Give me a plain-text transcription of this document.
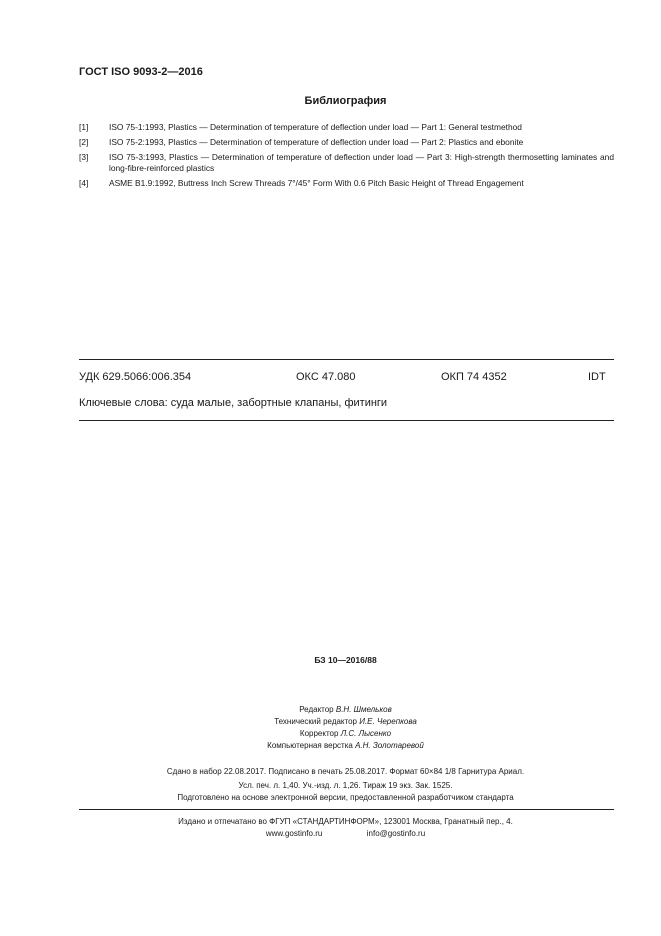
ГОСТ ISO 9093-2—2016
Библиография
[1] ISO 75-1:1993, Plastics — Determination of temperature of deflection under load — Part 1: General testmethod
[2] ISO 75-2:1993, Plastics — Determination of temperature of deflection under load — Part 2: Plastics and ebonite
[3] ISO 75-3:1993, Plastics — Determination of temperature of deflection under load — Part 3: High-strength thermosetting laminates and long-fibre-reinforced plastics
[4] ASME B1.9:1992, Buttress Inch Screw Threads 7°/45° Form With 0.6 Pitch Basic Height of Thread Engagement
УДК 629.5066:006.354	ОКС 47.080	ОКП 74 4352	IDT
Ключевые слова: суда малые, забортные клапаны, фитинги
БЗ 10—2016/88
Редактор В.Н. Шмельков
Технический редактор И.Е. Черепкова
Корректор Л.С. Лысенко
Компьютерная верстка А.Н. Золотаревой
Сдано в набор 22.08.2017. Подписано в печать 25.08.2017. Формат 60×84 1/8 Гарнитура Ариал.
Усл. печ. л. 1,40. Уч.-изд. л. 1,26. Тираж 19 экз. Зак. 1525.
Подготовлено на основе электронной версии, предоставленной разработчиком стандарта
Издано и отпечатано во ФГУП «СТАНДАРТИНФОРМ», 123001 Москва, Гранатный пер., 4.
www.gostinfo.ru	info@gostinfo.ru
